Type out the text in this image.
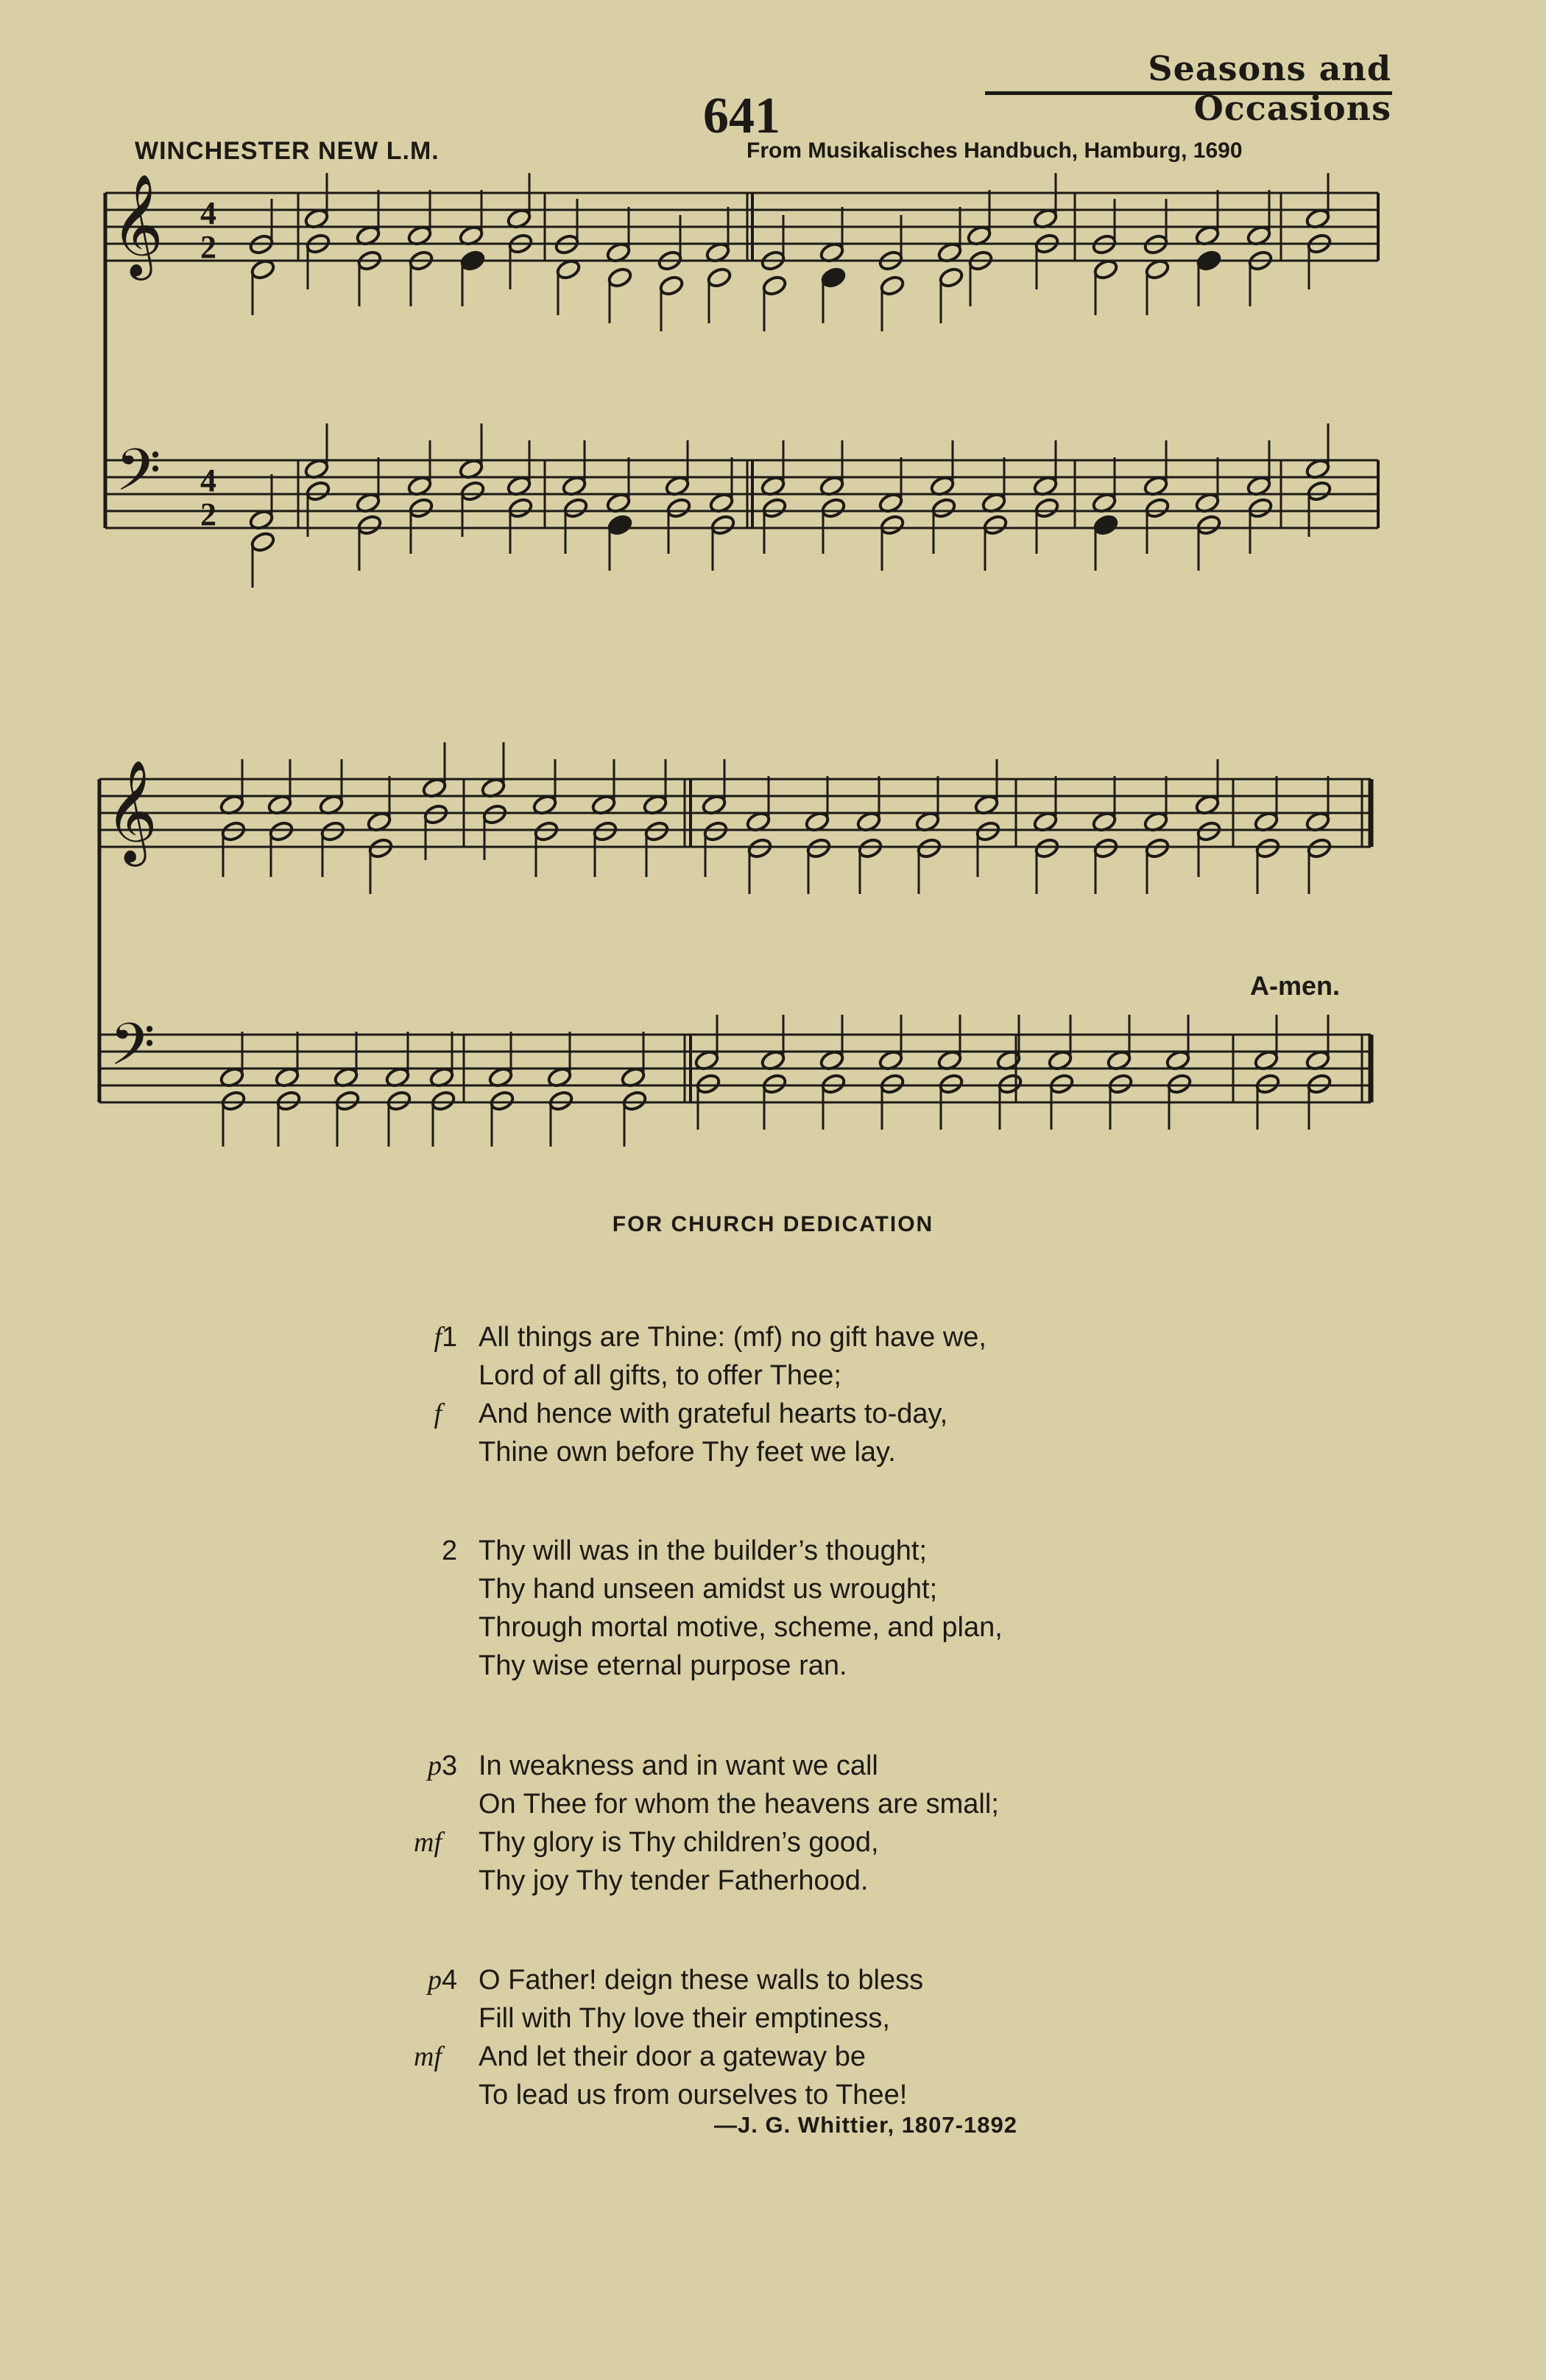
Seasons and Occasions
641
WINCHESTER NEW L.M.	From Musikalisches Handbuch, Hamburg, 1690
𝄞
𝄢
4
2
4
2
𝄞
𝄢
A-men.
FOR CHURCH DEDICATION
f 1 All things are Thine: (mf) no gift have we,
Lord of all gifts, to offer Thee;
f And hence with grateful hearts to-day,
Thine own before Thy feet we lay.
2 Thy will was in the builder’s thought;
Thy hand unseen amidst us wrought;
Through mortal motive, scheme, and plan,
Thy wise eternal purpose ran.
p 3 In weakness and in want we call
On Thee for whom the heavens are small;
mf Thy glory is Thy children’s good,
Thy joy Thy tender Fatherhood.
p 4 O Father! deign these walls to bless
Fill with Thy love their emptiness,
mf And let their door a gateway be
To lead us from ourselves to Thee!
—J. G. Whittier, 1807-1892
